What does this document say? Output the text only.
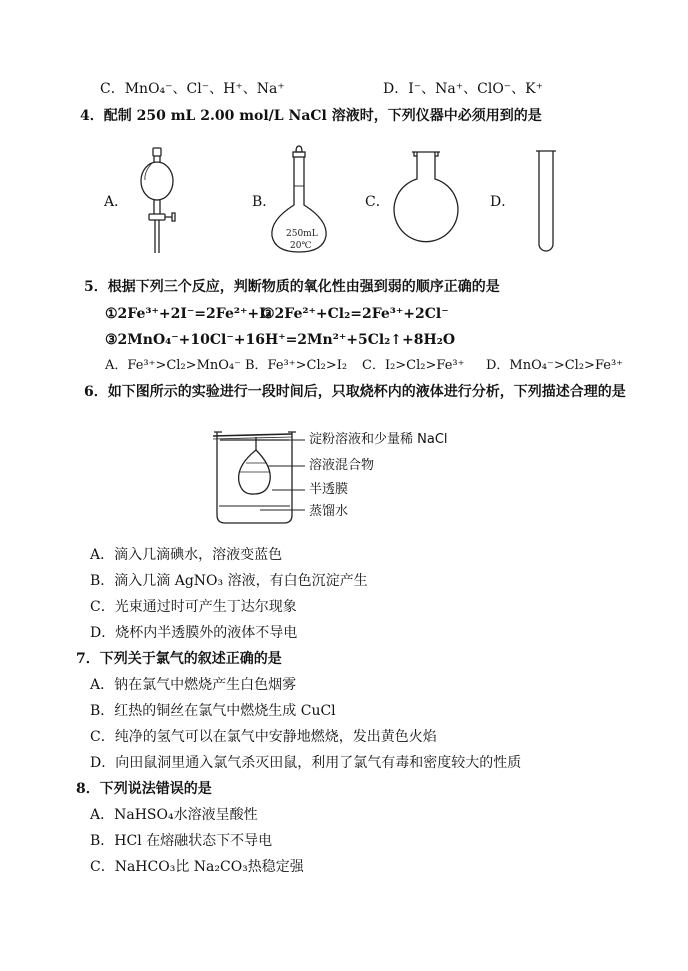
C．MnO₄⁻、Cl⁻、H⁺、Na⁺	D．I⁻、Na⁺、ClO⁻、K⁺
4．配制 250 mL 2.00 mol/L NaCl 溶液时，下列仪器中必须用到的是
A．	B．	C．	D．
250mL
20℃
5．根据下列三个反应，判断物质的氧化性由强到弱的顺序正确的是
①2Fe³⁺+2I⁻=2Fe²⁺+I₂
②2Fe²⁺+Cl₂=2Fe³⁺+2Cl⁻
③2MnO₄⁻+10Cl⁻+16H⁺=2Mn²⁺+5Cl₂↑+8H₂O
A．Fe³⁺>Cl₂>MnO₄⁻ B．Fe³⁺>Cl₂>I₂ C．I₂>Cl₂>Fe³⁺ D．MnO₄⁻>Cl₂>Fe³⁺
6．如下图所示的实验进行一段时间后，只取烧杯内的液体进行分析，下列描述合理的是
淀粉溶液和少量稀 NaCl
溶液混合物
半透膜
蒸馏水
A．滴入几滴碘水，溶液变蓝色
B．滴入几滴 AgNO₃ 溶液，有白色沉淀产生
C．光束通过时可产生丁达尔现象
D．烧杯内半透膜外的液体不导电
7．下列关于氯气的叙述正确的是
A．钠在氯气中燃烧产生白色烟雾
B．红热的铜丝在氯气中燃烧生成 CuCl
C．纯净的氢气可以在氯气中安静地燃烧，发出黄色火焰
D．向田鼠洞里通入氯气杀灭田鼠，利用了氯气有毒和密度较大的性质
8．下列说法错误的是
A．NaHSO₄水溶液呈酸性
B．HCl 在熔融状态下不导电
C．NaHCO₃比 Na₂CO₃热稳定强
